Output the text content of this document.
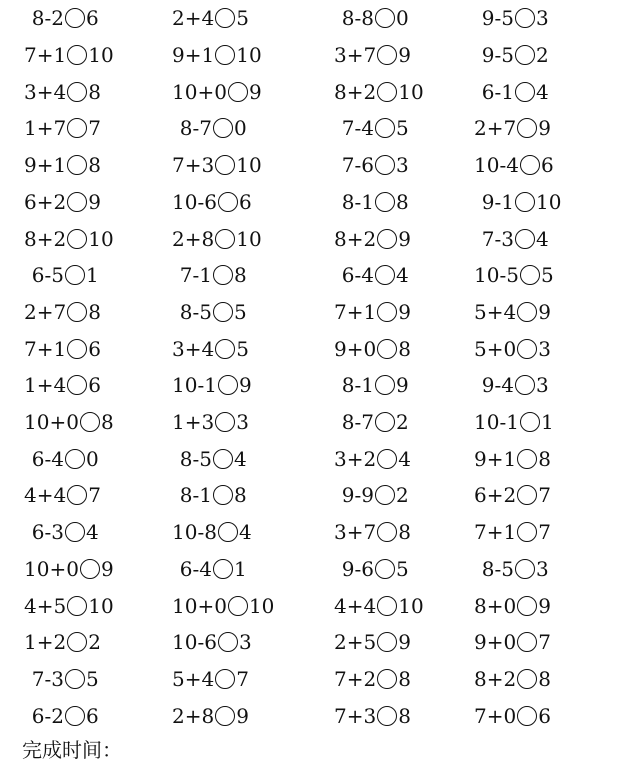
8-2 6	2+4 5	8-8 0	9-5 3
7+1 10	9+1 10	3+7 9	9-5 2
3+4 8	10+0 9	8+2 10	6-1 4
1+7 7	8-7 0	7-4 5	2+7 9
9+1 8	7+3 10	7-6 3	10-4 6
6+2 9	10-6 6	8-1 8	9-1 10
8+2 10	2+8 10	8+2 9	7-3 4
6-5 1	7-1 8	6-4 4	10-5 5
2+7 8	8-5 5	7+1 9	5+4 9
7+1 6	3+4 5	9+0 8	5+0 3
1+4 6	10-1 9	8-1 9	9-4 3
10+0 8	1+3 3	8-7 2	10-1 1
6-4 0	8-5 4	3+2 4	9+1 8
4+4 7	8-1 8	9-9 2	6+2 7
6-3 4	10-8 4	3+7 8	7+1 7
10+0 9	6-4 1	9-6 5	8-5 3
4+5 10	10+0 10	4+4 10	8+0 9
1+2 2	10-6 3	2+5 9	9+0 7
7-3 5	5+4 7	7+2 8	8+2 8
6-2 6	2+8 9	7+3 8	7+0 6
完成时间：
